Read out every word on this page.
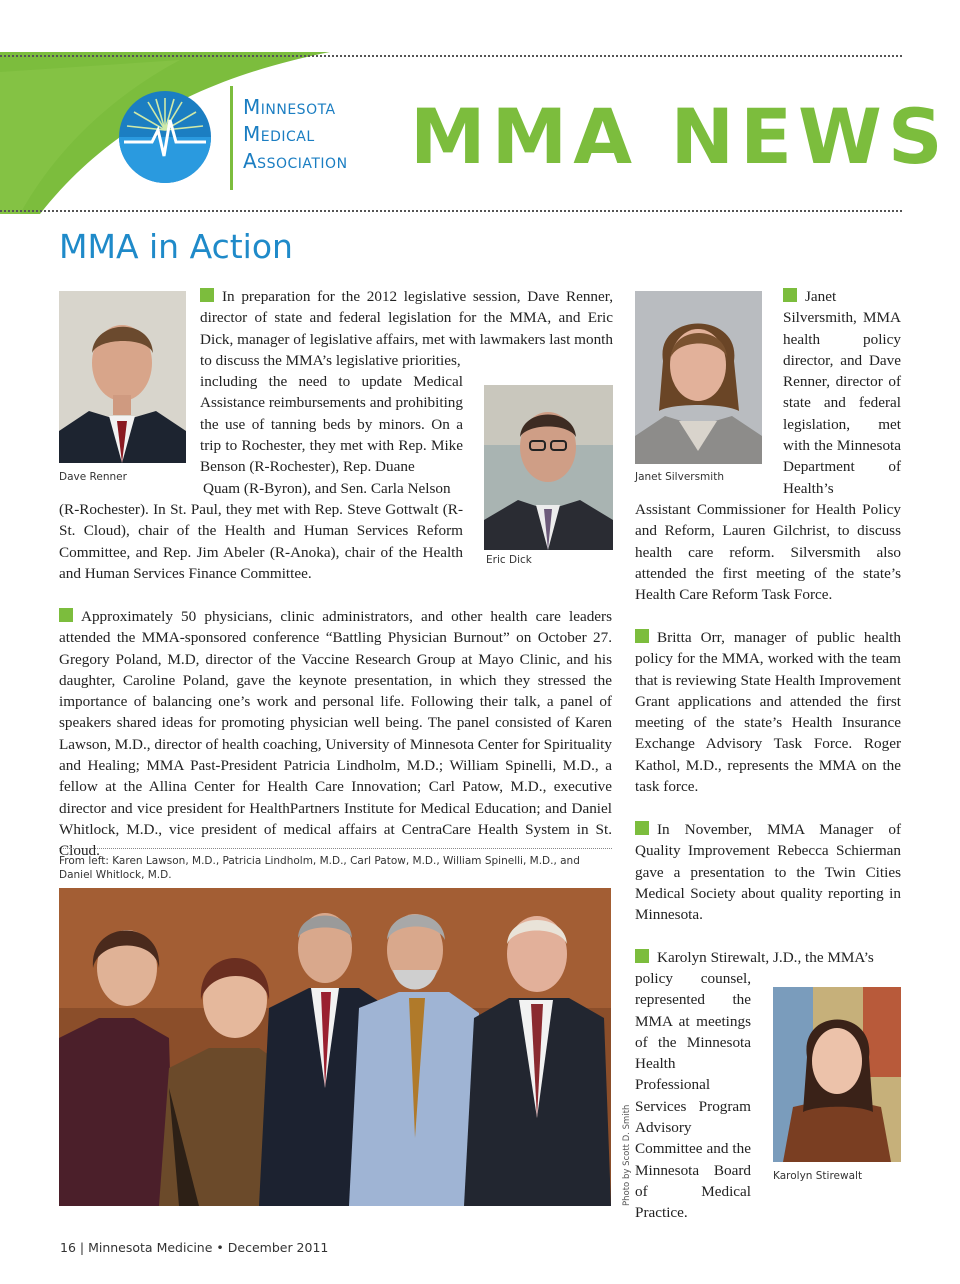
Minnesota
Medical
Association MMA NEWS
MMA in Action
Dave Renner
Eric Dick

In preparation for the 2012 legislative session, Dave Renner, director of state and federal legislation for the MMA, and Eric Dick, manager of legislative affairs, met with lawmakers last month to discuss the MMA’s legislative priorities,

including the need to update Medical Assistance reimbursements and prohibiting the use of tanning beds by minors. On a trip to Rochester, they met with Rep. Mike Benson (R-Rochester), Rep. Duane
Quam (R-Byron), and Sen. Carla Nelson
(R-Rochester). In St. Paul, they met with Rep. Steve Gottwalt (R-St. Cloud), chair of the Health and Human Services Reform Committee, and Rep. Jim Abeler (R-Anoka), chair of the Health and Human Services Finance Committee.

Approximately 50 physicians, clinic administrators, and other health care leaders attended the MMA-sponsored conference “Battling Physician Burnout” on October 27. Gregory Poland, M.D, director of the Vaccine Research Group at Mayo Clinic, and his daughter, Caroline Poland, gave the keynote presentation, in which they stressed the importance of balancing one’s work and personal life. Following their talk, a panel of speakers shared ideas for promoting physician well being. The panel consisted of Karen Lawson, M.D., director of health coaching, University of Minnesota Center for Spirituality and Healing; MMA Past-President Patricia Lindholm, M.D.; William Spinelli, M.D., a fellow at the Allina Center for Health Care Innovation; Carl Patow, M.D., executive director and vice president for HealthPartners Institute for Medical Education; and Daniel Whitlock, M.D., vice president of medical affairs at CentraCare Health System in St. Cloud.

From left: Karen Lawson, M.D., Patricia Lindholm, M.D., Carl Patow, M.D., William Spinelli, M.D., and Daniel Whitlock, M.D.
Photo by Scott D. Smith
Janet Silversmith

Janet Silversmith, MMA health policy director, and Dave Renner, director of state and federal legislation, met with the Minnesota Department of Health’s

Assistant Commissioner for Health Policy and Reform, Lauren Gilchrist, to discuss health care reform. Silversmith also attended the first meeting of the state’s Health Care Reform Task Force.

Britta Orr, manager of public health policy for the MMA, worked with the team that is reviewing State Health Improvement Grant applications and attended the first meeting of the state’s Health Insurance Exchange Advisory Task Force. Roger Kathol, M.D., represents the MMA on the task force.

In November, MMA Manager of Quality Improvement Rebecca Schierman gave a presentation to the Twin Cities Medical Society about quality reporting in Minnesota.

Karolyn Stirewalt, J.D., the MMA’s

policy counsel, represented the MMA at meetings of the Minnesota Health Professional Services Program Advisory Committee and the Minnesota Board of Medical Practice.
Karolyn Stirewalt
16 | Minnesota Medicine • December 2011
